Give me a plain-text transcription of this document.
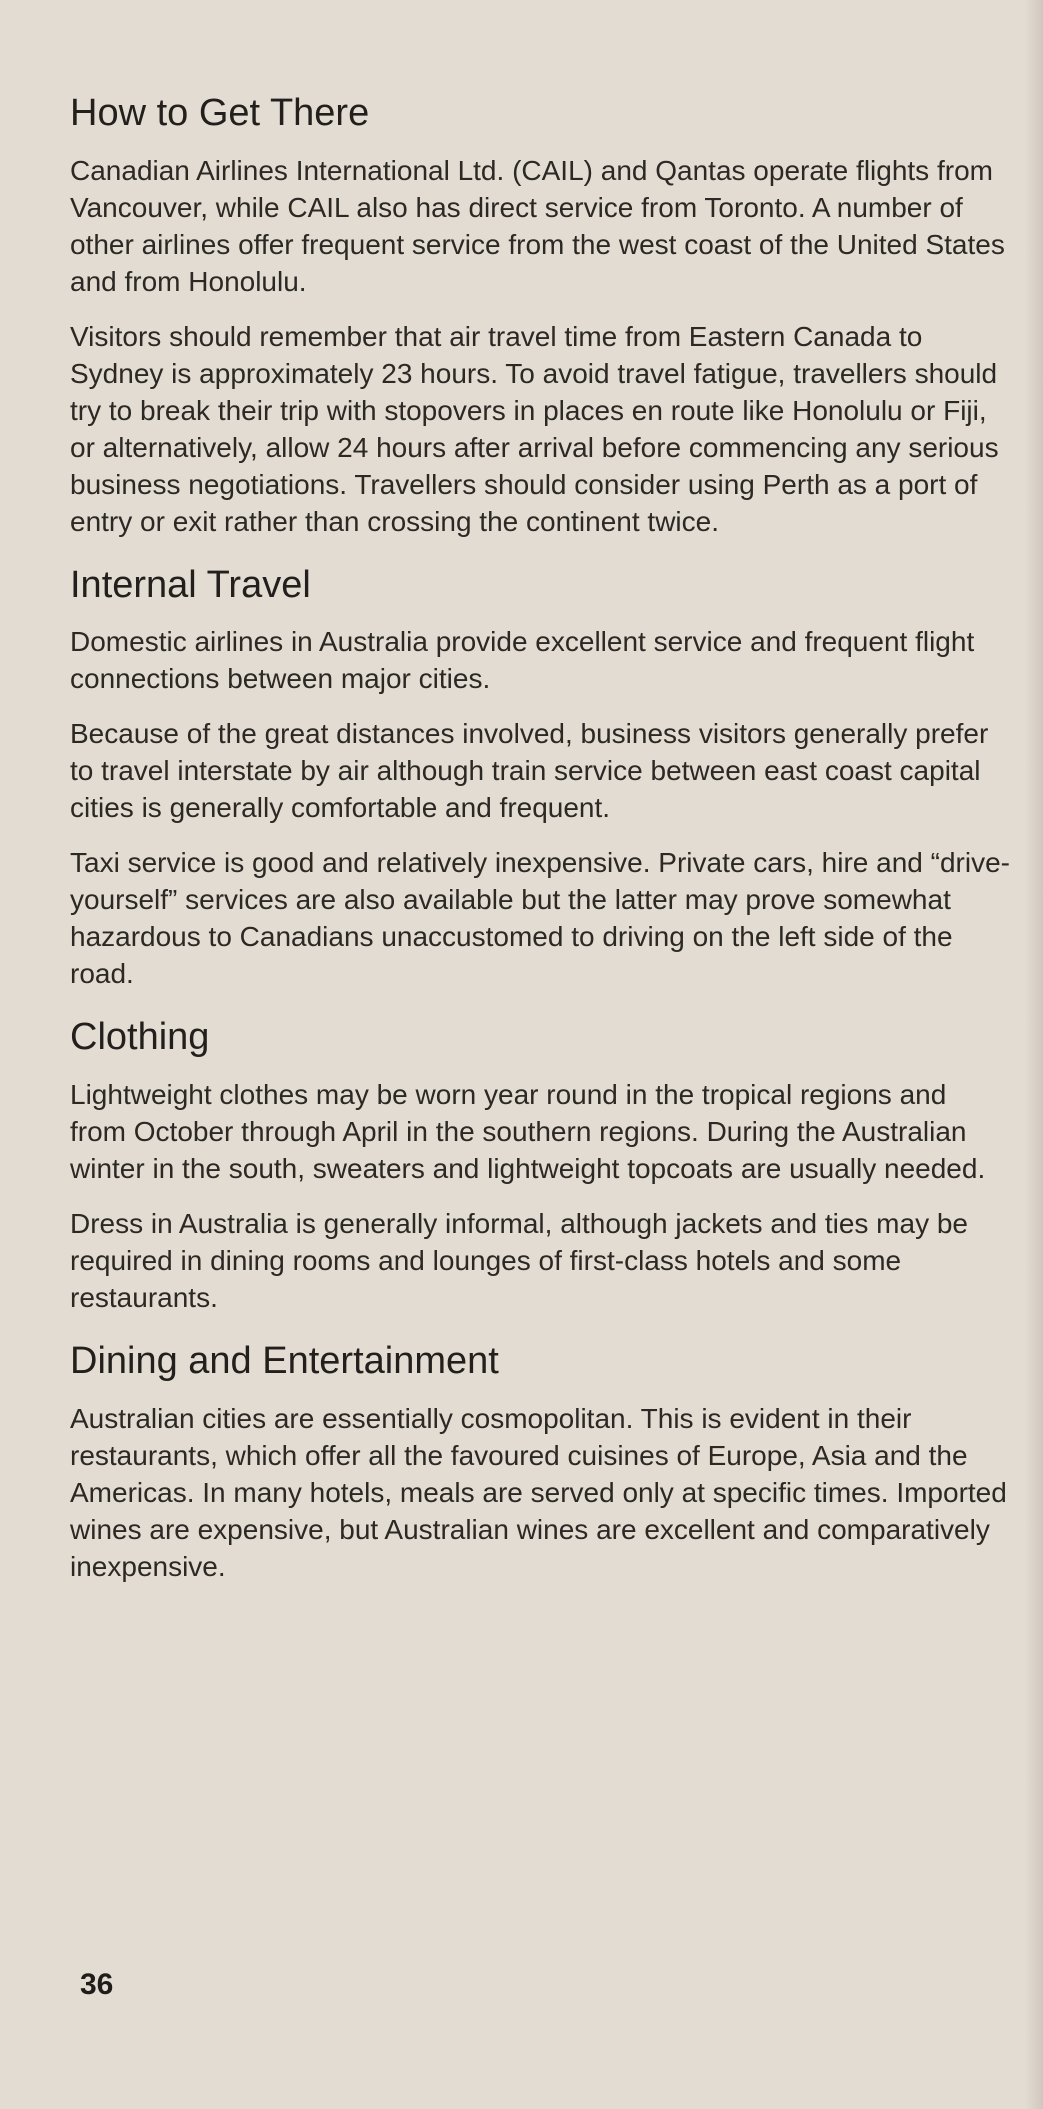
How to Get There

Canadian Airlines International Ltd. (CAIL) and Qantas operate flights from Vancouver, while CAIL also has direct service from Toronto. A number of other airlines offer frequent service from the west coast of the United States and from Honolulu.

Visitors should remember that air travel time from Eastern Canada to Sydney is approximately 23 hours. To avoid travel fatigue, travellers should try to break their trip with stopovers in places en route like Honolulu or Fiji, or alternatively, allow 24 hours after arrival before commencing any serious business negotiations. Travellers should consider using Perth as a port of entry or exit rather than crossing the continent twice.

Internal Travel

Domestic airlines in Australia provide excellent service and frequent flight connections between major cities.

Because of the great distances involved, business visitors generally prefer to travel interstate by air although train service between east coast capital cities is generally comfortable and frequent.

Taxi service is good and relatively inexpensive. Private cars, hire and “drive-yourself” services are also available but the latter may prove somewhat hazardous to Canadians unaccustomed to driving on the left side of the road.

Clothing

Lightweight clothes may be worn year round in the tropical regions and from October through April in the southern regions. During the Australian winter in the south, sweaters and lightweight topcoats are usually needed.

Dress in Australia is generally informal, although jackets and ties may be required in dining rooms and lounges of first-class hotels and some restaurants.

Dining and Entertainment

Australian cities are essentially cosmopolitan. This is evident in their restaurants, which offer all the favoured cuisines of Europe, Asia and the Americas. In many hotels, meals are served only at specific times. Imported wines are expensive, but Australian wines are excellent and comparatively inexpensive.

36
